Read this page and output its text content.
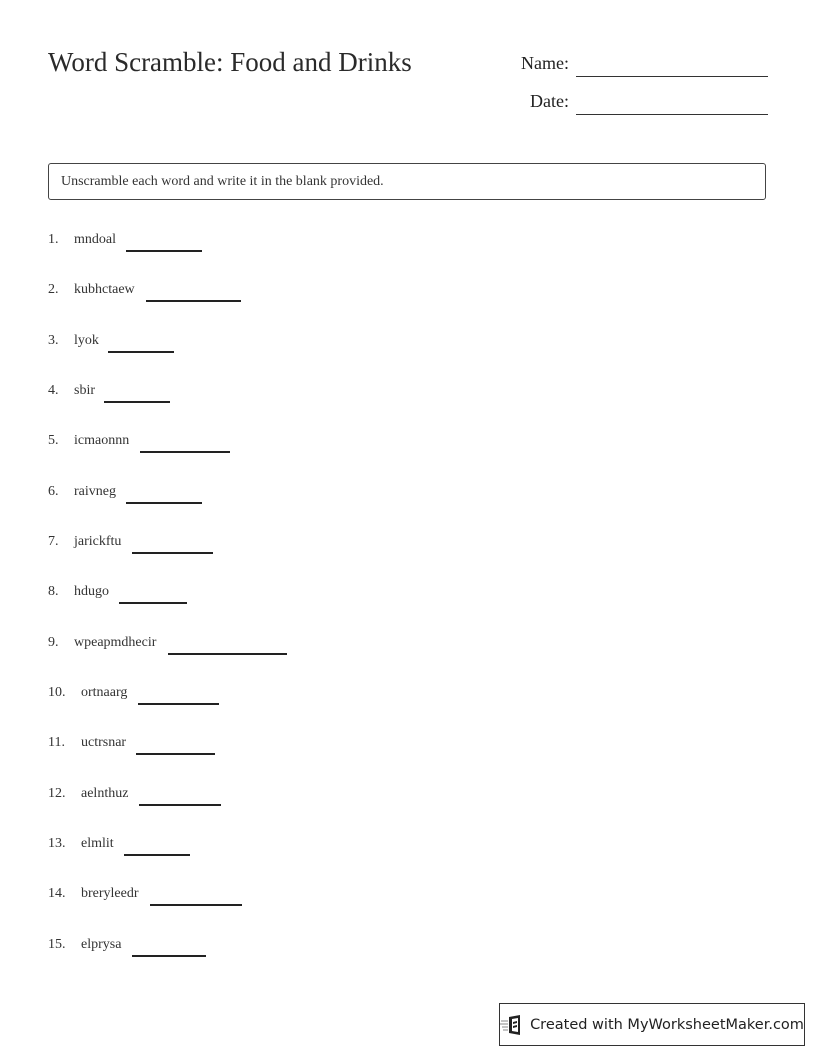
Word Scramble: Food and Drinks	Name:
Date:
Unscramble each word and write it in the blank provided.
1. mndoal
2. kubhctaew
3. lyok
4. sbir
5. icmaonnn
6. raivneg
7. jarickftu
8. hdugo
9. wpeapmdhecir
10. ortnaarg
11. uctrsnar
12. aelnthuz
13. elmlit
14. breryleedr
15. elprysa
Created with MyWorksheetMaker.com
